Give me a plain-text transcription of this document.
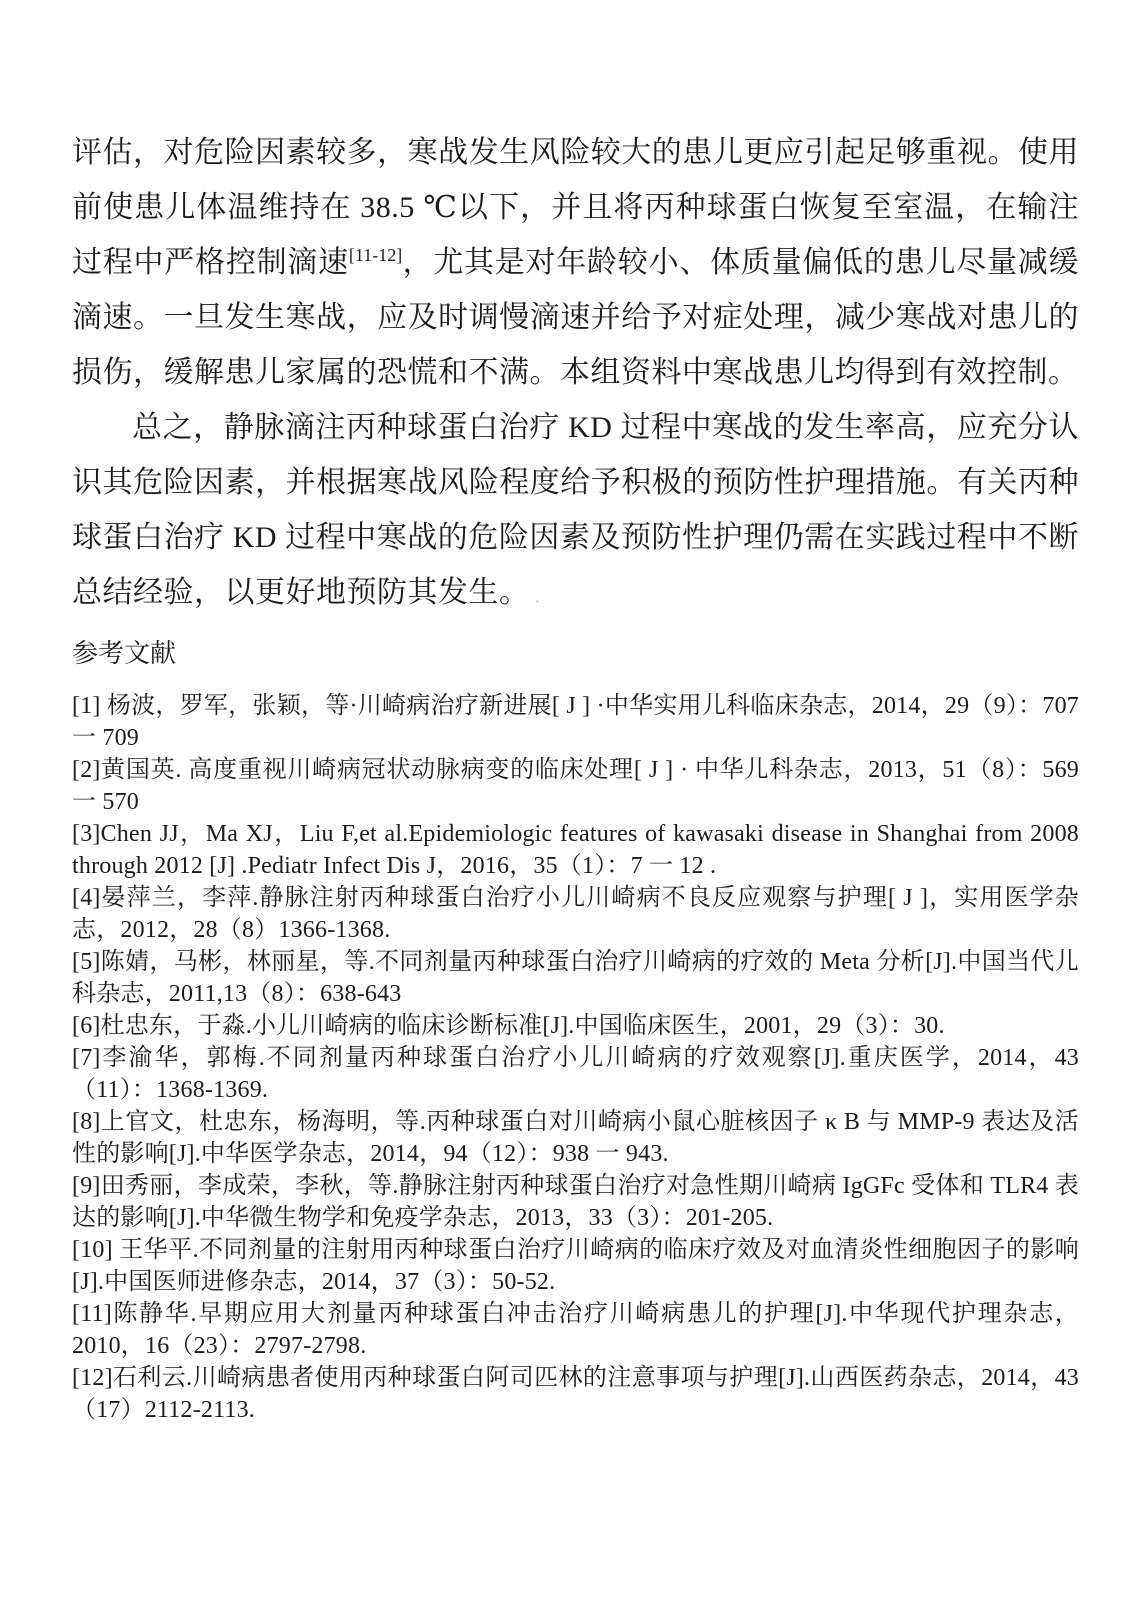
评估，对危险因素较多，寒战发生风险较大的患儿更应引起足够重视。使用前使患儿体温维持在 38.5 ℃以下，并且将丙种球蛋白恢复至室温，在输注过程中严格控制滴速[11-12]，尤其是对年龄较小、体质量偏低的患儿尽量减缓滴速。一旦发生寒战，应及时调慢滴速并给予对症处理，减少寒战对患儿的损伤，缓解患儿家属的恐慌和不满。本组资料中寒战患儿均得到有效控制。

总之，静脉滴注丙种球蛋白治疗 KD 过程中寒战的发生率高，应充分认识其危险因素，并根据寒战风险程度给予积极的预防性护理措施。有关丙种球蛋白治疗 KD 过程中寒战的危险因素及预防性护理仍需在实践过程中不断总结经验，以更好地预防其发生。 .

参考文献

[1] 杨波，罗军，张颖，等·川崎病治疗新进展[ J ] ·中华实用儿科临床杂志，2014，29（9）：707 一 709

[2]黄国英. 高度重视川崎病冠状动脉病变的临床处理[ J ] · 中华儿科杂志，2013，51（8）：569 一 570

[3]Chen JJ，Ma XJ，Liu F,et al.Epidemiologic features of kawasaki disease in Shanghai from 2008 through 2012 [J] .Pediatr Infect Dis J，2016，35（1）：7 一 12 .

[4]晏萍兰，李萍.静脉注射丙种球蛋白治疗小儿川崎病不良反应观察与护理[ J ]，实用医学杂志，2012，28（8）1366-1368.

[5]陈婧，马彬，林丽星，等.不同剂量丙种球蛋白治疗川崎病的疗效的 Meta 分析[J].中国当代儿科杂志，2011,13（8）：638-643

[6]杜忠东，于淼.小儿川崎病的临床诊断标准[J].中国临床医生，2001，29（3）：30.

[7]李渝华，郭梅.不同剂量丙种球蛋白治疗小儿川崎病的疗效观察[J].重庆医学，2014，43（11）：1368-1369.

[8]上官文，杜忠东，杨海明，等.丙种球蛋白对川崎病小鼠心脏核因子 κ B 与 MMP-9 表达及活性的影响[J].中华医学杂志，2014，94（12）：938 一 943.

[9]田秀丽，李成荣，李秋，等.静脉注射丙种球蛋白治疗对急性期川崎病 IgGFc 受体和 TLR4 表达的影响[J].中华微生物学和免疫学杂志，2013，33（3）：201-205.

[10] 王华平.不同剂量的注射用丙种球蛋白治疗川崎病的临床疗效及对血清炎性细胞因子的影响[J].中国医师进修杂志，2014，37（3）：50-52.

[11]陈静华.早期应用大剂量丙种球蛋白冲击治疗川崎病患儿的护理[J].中华现代护理杂志，2010，16（23）：2797-2798.

[12]石利云.川崎病患者使用丙种球蛋白阿司匹林的注意事项与护理[J].山西医药杂志，2014，43（17）2112-2113.
